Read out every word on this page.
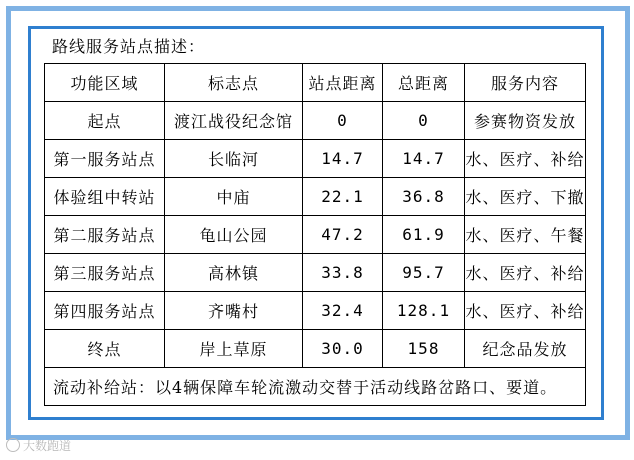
路线服务站点描述：
功能区域	标志点	站点距离	总距离	服务内容
起点	渡江战役纪念馆	0	0	参赛物资发放
第一服务站点	长临河	14.7	14.7	水、医疗、补给
体验组中转站	中庙	22.1	36.8	水、医疗、下撤
第二服务站点	龟山公园	47.2	61.9	水、医疗、午餐
第三服务站点	高林镇	33.8	95.7	水、医疗、补给
第四服务站点	齐嘴村	32.4	128.1	水、医疗、补给
终点	岸上草原	30.0	158	纪念品发放
流动补给站：以4辆保障车轮流激动交替于活动线路岔路口、要道。				
大数跑道
